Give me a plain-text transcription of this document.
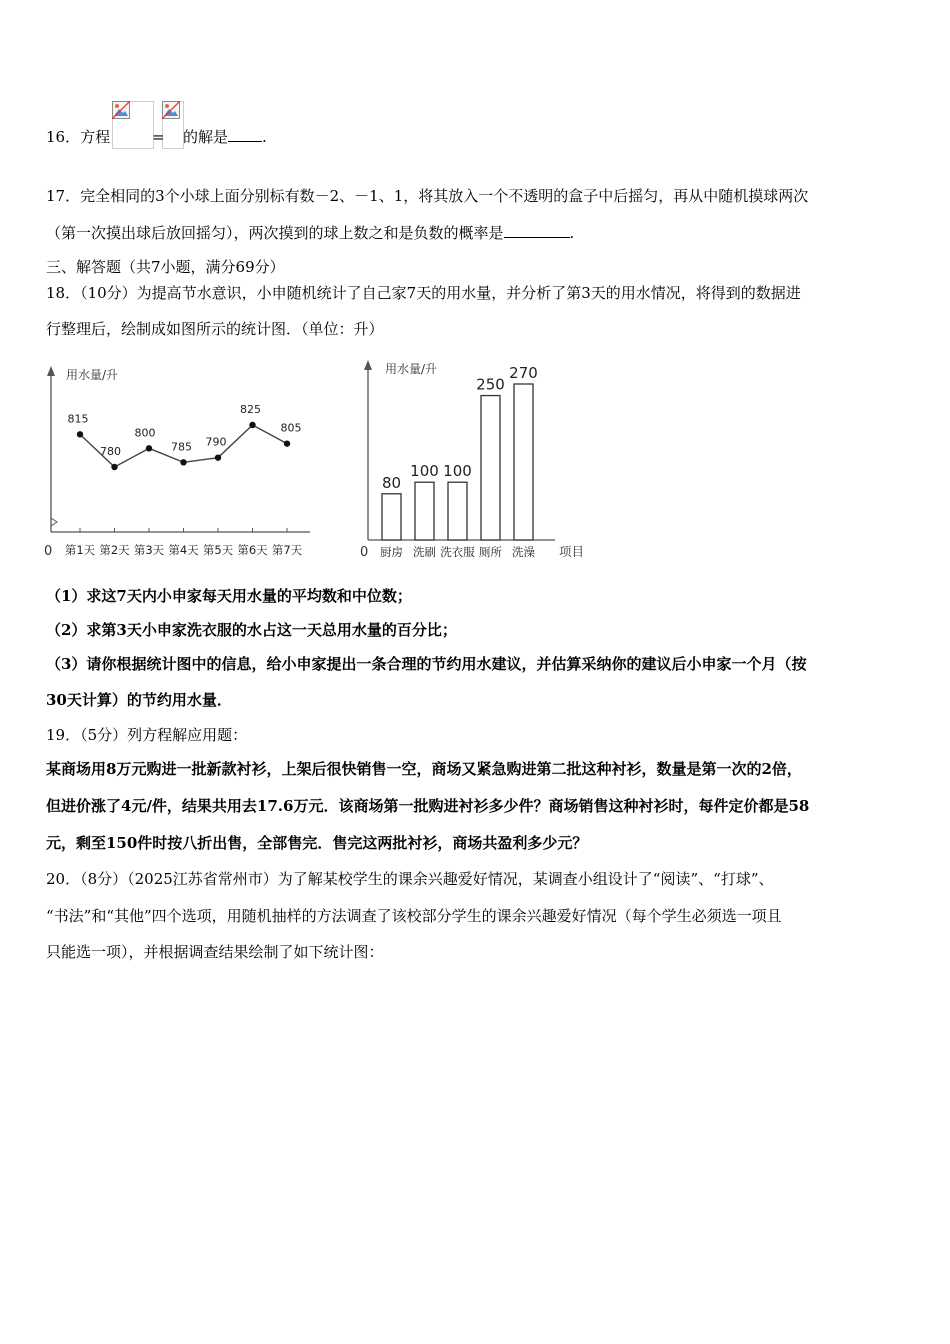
16．方程	= 的解是 .
17．完全相同的3个小球上面分别标有数－2、－1、1，将其放入一个不透明的盒子中后摇匀，再从中随机摸球两次
（第一次摸出球后放回摇匀），两次摸到的球上数之和是负数的概率是	.
三、解答题（共7小题，满分69分）
18．（10分）为提高节水意识，小申随机统计了自己家7天的用水量，并分析了第3天的用水情况，将得到的数据进
行整理后，绘制成如图所示的统计图．（单位：升）
用水量/升
0
815
第1天
780
第2天
800
第3天
785
第4天
790
第5天
825
第6天
805
第7天
用水量/升
0	项目
80
厨房
100
洗刷
100
洗衣服
250
厕所
270
洗澡
（1）求这7天内小申家每天用水量的平均数和中位数；
（2）求第3天小申家洗衣服的水占这一天总用水量的百分比；
（3）请你根据统计图中的信息，给小申家提出一条合理的节约用水建议，并估算采纳你的建议后小申家一个月（按
30天计算）的节约用水量．
19．（5分）列方程解应用题：
某商场用8万元购进一批新款衬衫，上架后很快销售一空，商场又紧急购进第二批这种衬衫，数量是第一次的2倍，
但进价涨了4元/件，结果共用去17.6万元．该商场第一批购进衬衫多少件？商场销售这种衬衫时，每件定价都是58
元，剩至150件时按八折出售，全部售完．售完这两批衬衫，商场共盈利多少元？
20．（8分）（2025江苏省常州市）为了解某校学生的课余兴趣爱好情况，某调查小组设计了“阅读”、“打球”、
“书法”和“其他”四个选项，用随机抽样的方法调查了该校部分学生的课余兴趣爱好情况（每个学生必须选一项且
只能选一项），并根据调查结果绘制了如下统计图：
